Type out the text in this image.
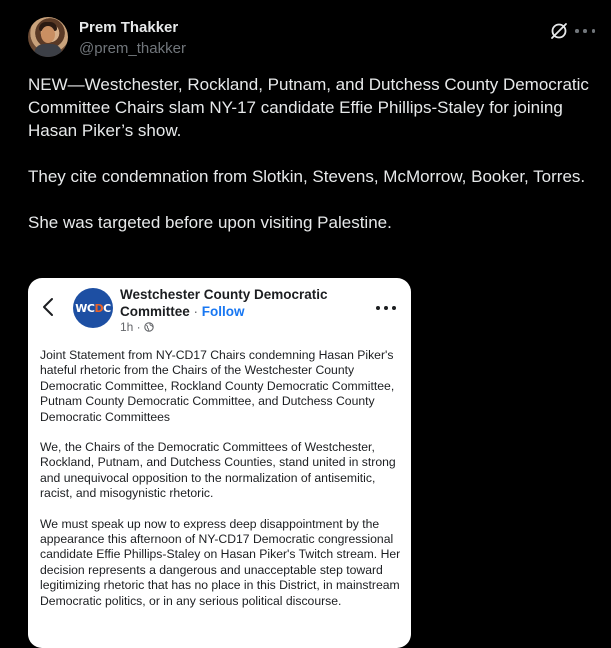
Prem Thakker
@prem_thakker

NEW—Westchester, Rockland, Putnam, and Dutchess County Democratic Committee Chairs slam NY-17 candidate Effie Phillips-Staley for joining Hasan Piker’s show.

They cite condemnation from Slotkin, Stevens, McMorrow, Booker, Torres.

She was targeted before upon visiting Palestine.

WCDC
Westchester County Democratic Committee · Follow
1h ·

Joint Statement from NY-CD17 Chairs condemning Hasan Piker's hateful rhetoric from the Chairs of the Westchester County Democratic Committee, Rockland County Democratic Committee, Putnam County Democratic Committee, and Dutchess County Democratic Committees

We, the Chairs of the Democratic Committees of Westchester, Rockland, Putnam, and Dutchess Counties, stand united in strong and unequivocal opposition to the normalization of antisemitic, racist, and misogynistic rhetoric.

We must speak up now to express deep disappointment by the appearance this afternoon of NY-CD17 Democratic congressional candidate Effie Phillips-Staley on Hasan Piker's Twitch stream. Her decision represents a dangerous and unacceptable step toward legitimizing rhetoric that has no place in this District, in mainstream Democratic politics, or in any serious political discourse.
